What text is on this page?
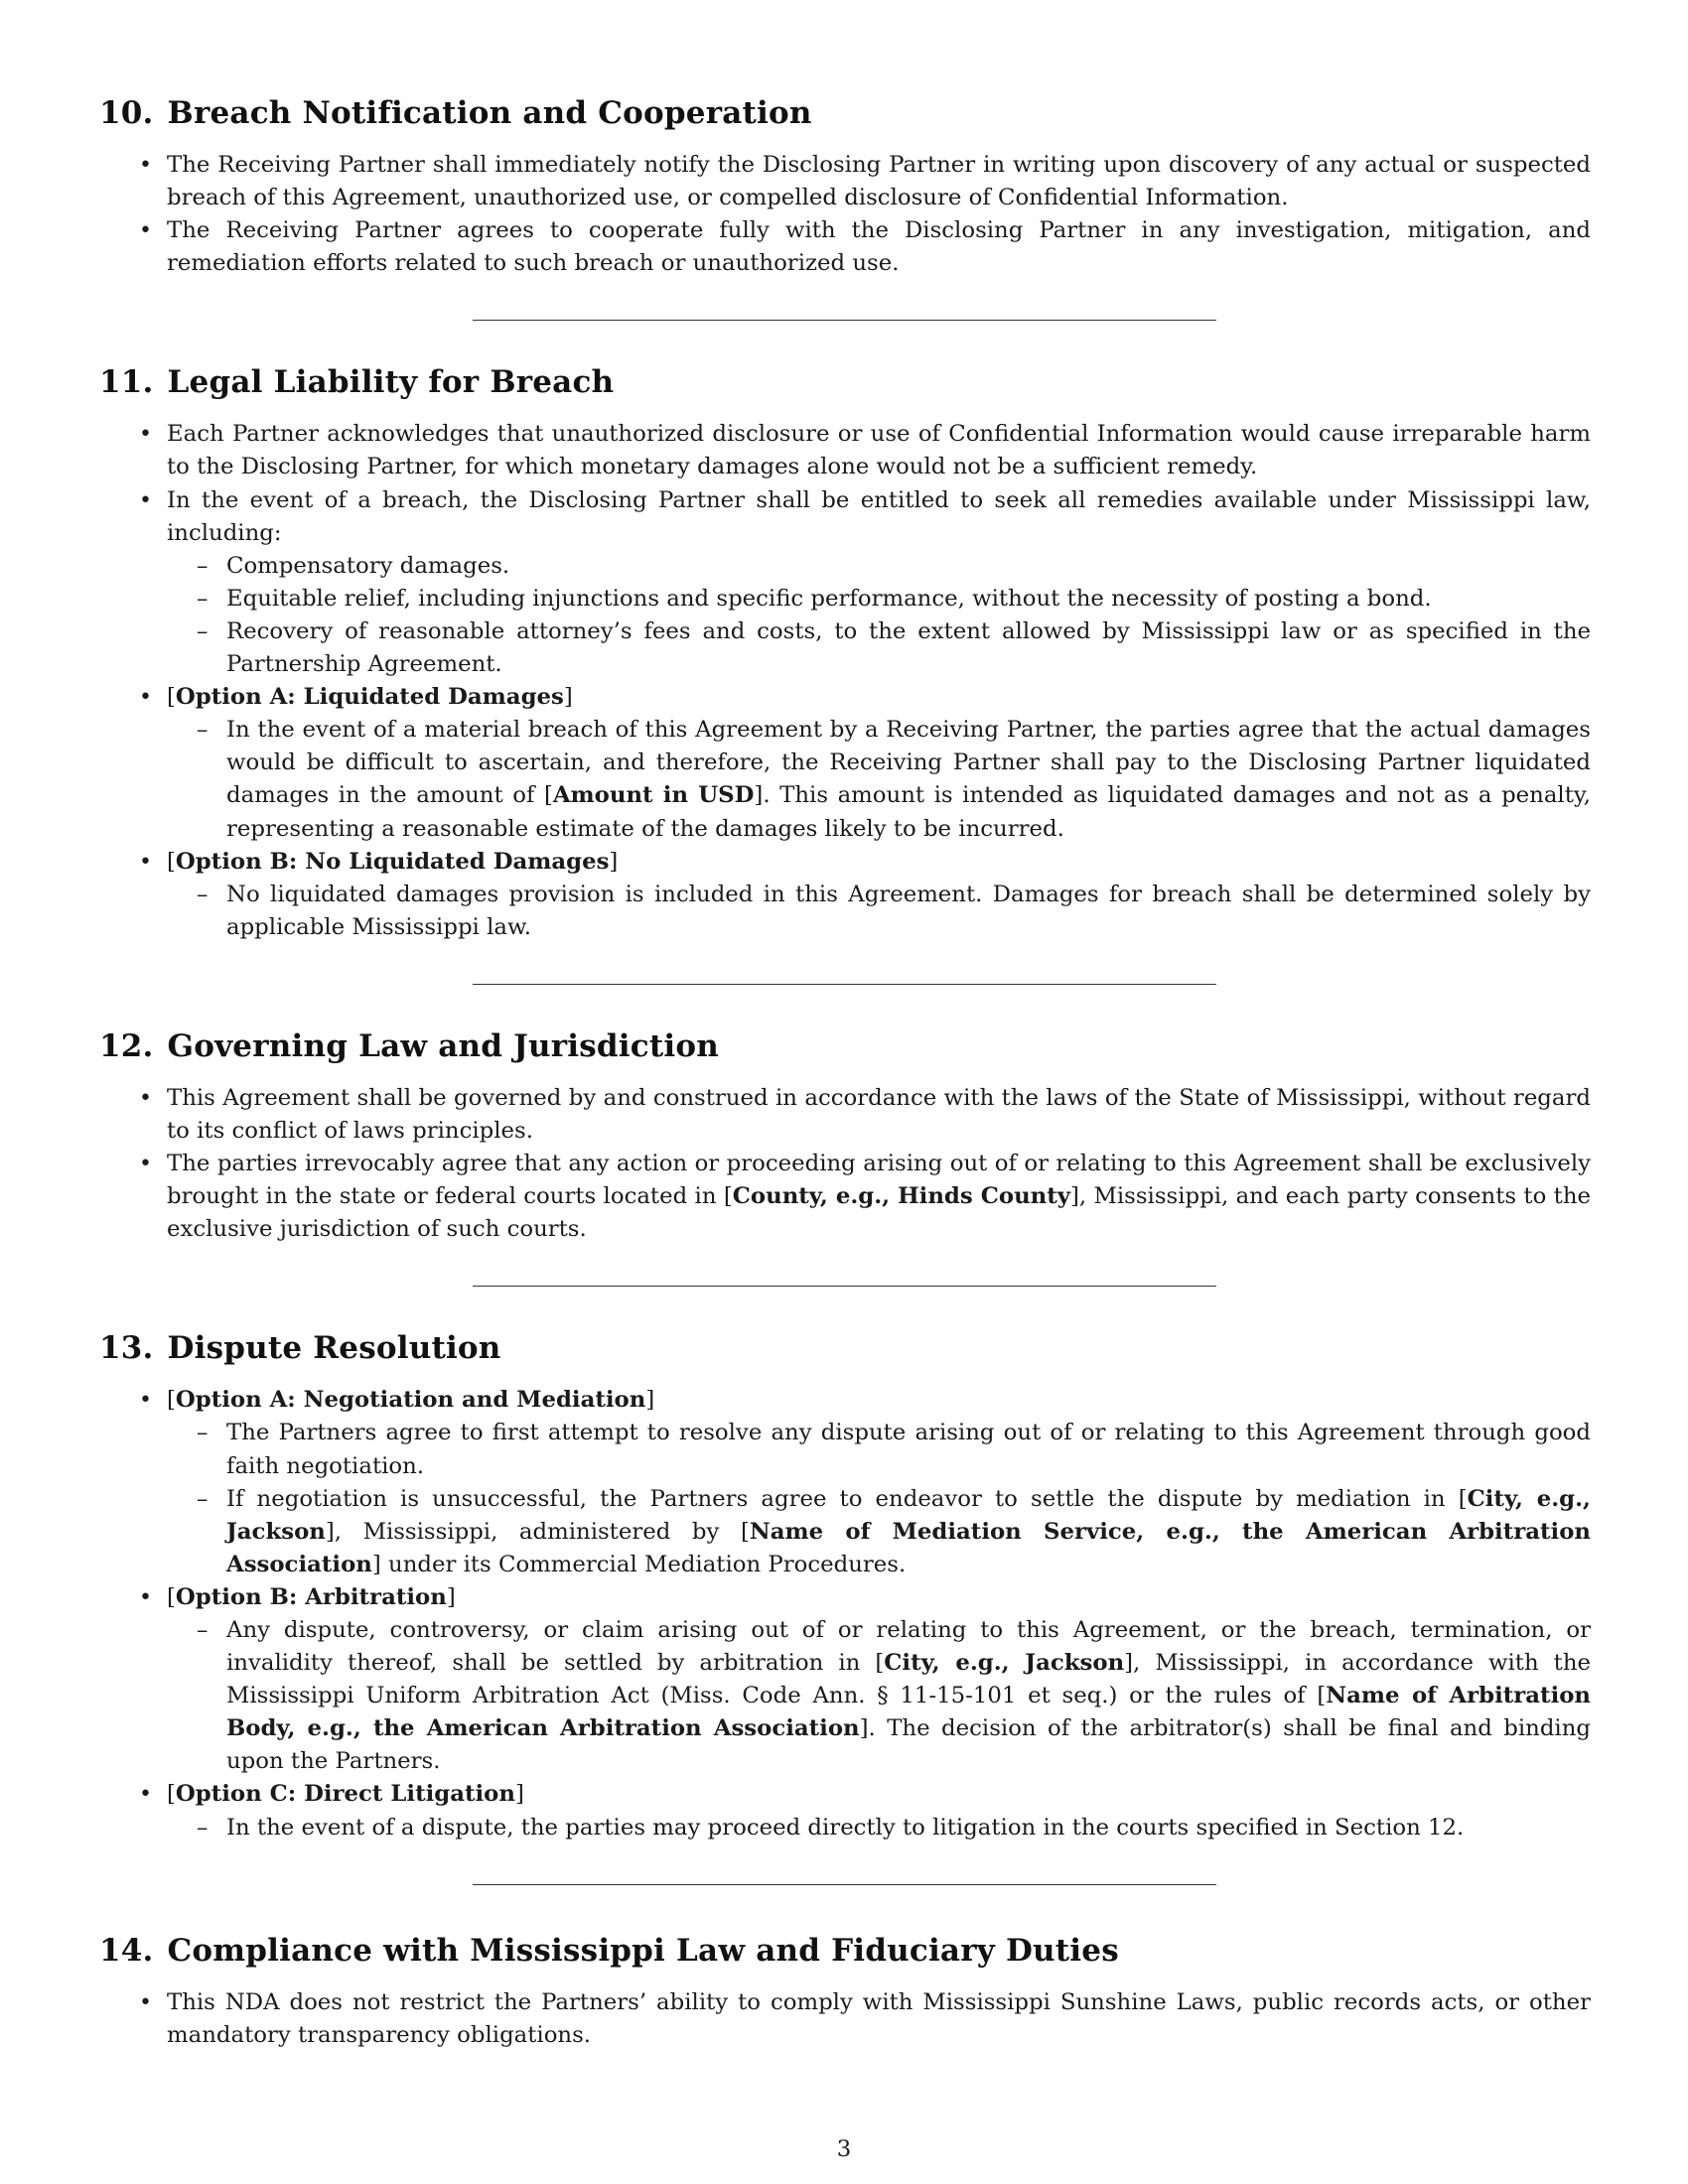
10. Breach Notification and Cooperation
• The Receiving Partner shall immediately notify the Disclosing Partner in writing upon discovery of any actual or suspected breach of this Agreement, unauthorized use, or compelled disclosure of Confidential Information.
• The Receiving Partner agrees to cooperate fully with the Disclosing Partner in any investigation, mitigation, and remediation efforts related to such breach or unauthorized use.
11. Legal Liability for Breach
• Each Partner acknowledges that unauthorized disclosure or use of Confidential Information would cause irreparable harm to the Disclosing Partner, for which monetary damages alone would not be a sufficient remedy.
• In the event of a breach, the Disclosing Partner shall be entitled to seek all remedies available under Mississippi law, including:
– Compensatory damages.
– Equitable relief, including injunctions and specific performance, without the necessity of posting a bond.
– Recovery of reasonable attorney’s fees and costs, to the extent allowed by Mississippi law or as specified in the Partnership Agreement.
• [Option A: Liquidated Damages]
– In the event of a material breach of this Agreement by a Receiving Partner, the parties agree that the actual damages would be difficult to ascertain, and therefore, the Receiving Partner shall pay to the Disclosing Partner liquidated damages in the amount of [Amount in USD]. This amount is intended as liquidated damages and not as a penalty, representing a reasonable estimate of the damages likely to be incurred.
• [Option B: No Liquidated Damages]
– No liquidated damages provision is included in this Agreement. Damages for breach shall be determined solely by applicable Mississippi law.
12. Governing Law and Jurisdiction
• This Agreement shall be governed by and construed in accordance with the laws of the State of Mississippi, without regard to its conflict of laws principles.
• The parties irrevocably agree that any action or proceeding arising out of or relating to this Agreement shall be exclusively brought in the state or federal courts located in [County, e.g., Hinds County], Mississippi, and each party consents to the exclusive jurisdiction of such courts.
13. Dispute Resolution
• [Option A: Negotiation and Mediation]
– The Partners agree to first attempt to resolve any dispute arising out of or relating to this Agreement through good faith negotiation.
– If negotiation is unsuccessful, the Partners agree to endeavor to settle the dispute by mediation in [City, e.g., Jackson], Mississippi, administered by [Name of Mediation Service, e.g., the American Arbitration Association] under its Commercial Mediation Procedures.
• [Option B: Arbitration]
– Any dispute, controversy, or claim arising out of or relating to this Agreement, or the breach, termination, or invalidity thereof, shall be settled by arbitration in [City, e.g., Jackson], Mississippi, in accordance with the Mississippi Uniform Arbitration Act (Miss. Code Ann. § 11-15-101 et seq.) or the rules of [Name of Arbitration Body, e.g., the American Arbitration Association]. The decision of the arbitrator(s) shall be final and binding upon the Partners.
• [Option C: Direct Litigation]
– In the event of a dispute, the parties may proceed directly to litigation in the courts specified in Section 12.
14. Compliance with Mississippi Law and Fiduciary Duties
• This NDA does not restrict the Partners’ ability to comply with Mississippi Sunshine Laws, public records acts, or other mandatory transparency obligations.
3
